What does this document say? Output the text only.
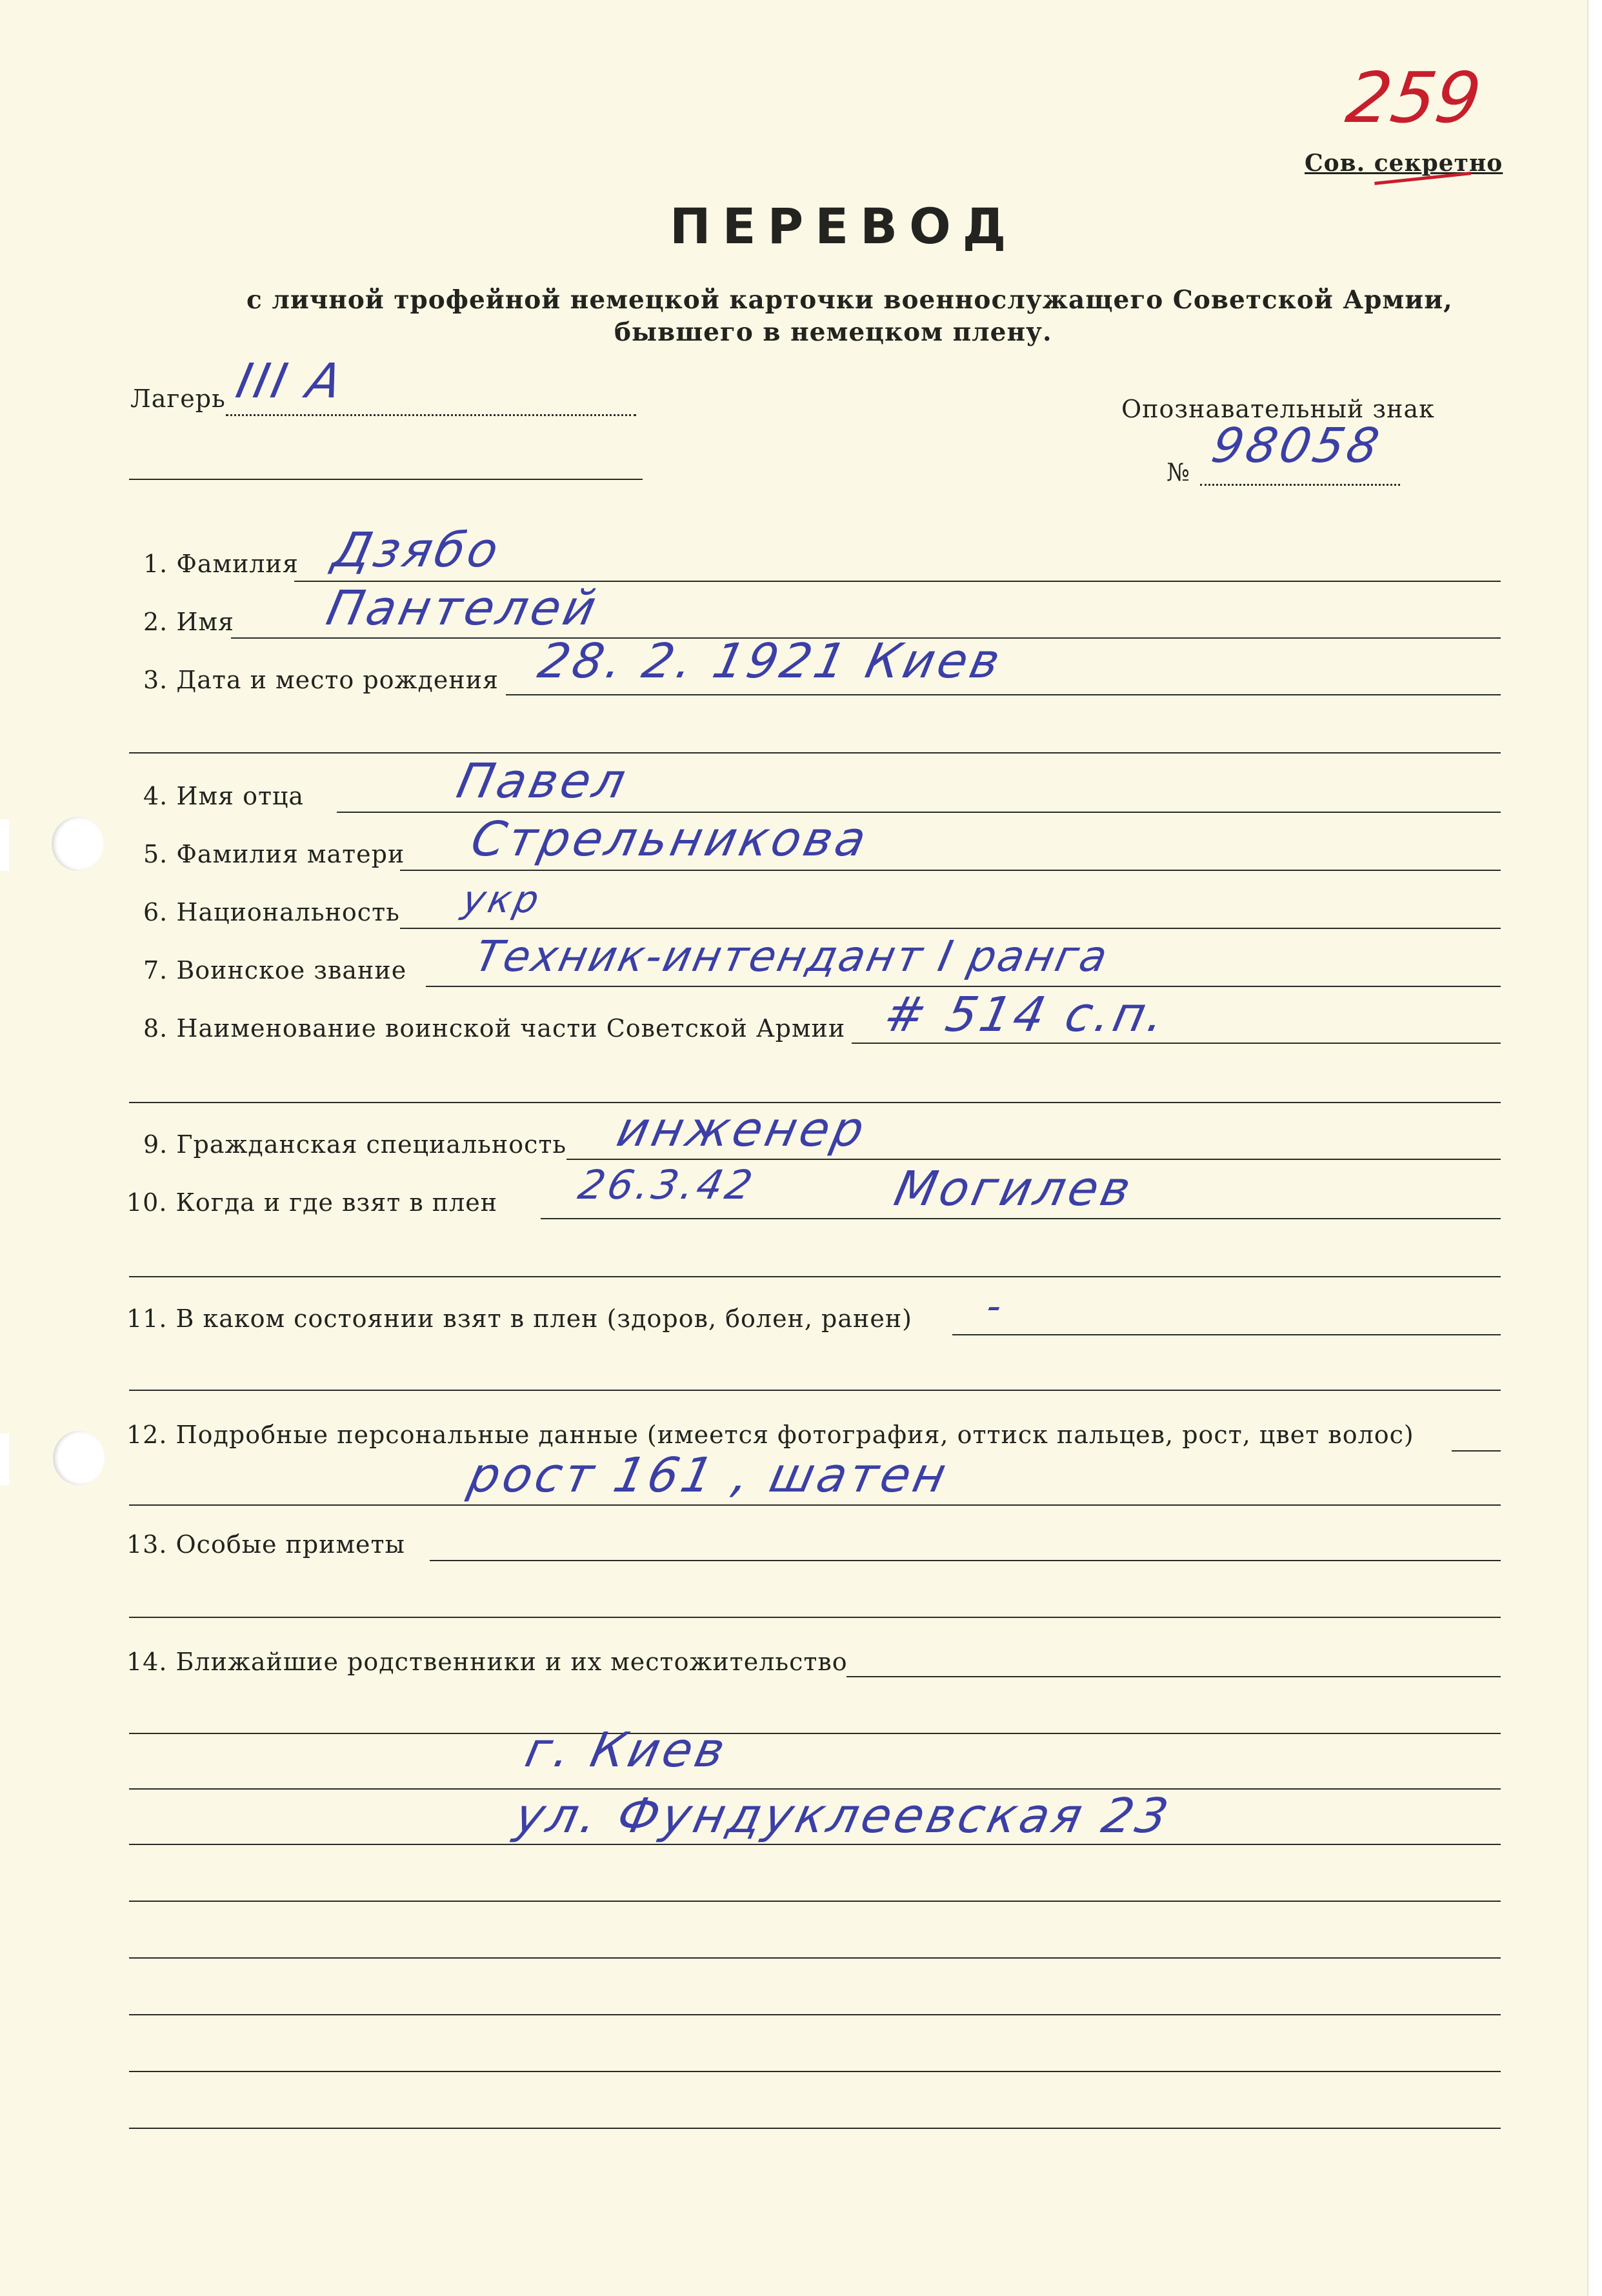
259
Сов. секретно
ПЕРЕВОД
с личной трофейной немецкой карточки военнослужащего Советской Армии,
бывшего в немецком плену.
Лагерь III A	Опознавательный знак
№ 98058
1. Фамилия Дзябо
2. Имя Пантелей
3. Дата и место рождения 28. 2. 1921 Киев
4. Имя отца	Павел
5. Фамилия матери Стрельникова
6. Национальность укр
7. Воинское звание Техник-интендант I ранга
8. Наименование воинской части Советской Армии # 514 с.п.
9. Гражданская специальность инженер
10. Когда и где взят в плен 26.3.42	Могилев
11. В каком состоянии взят в плен (здоров, болен, ранен) -
12. Подробные персональные данные (имеется фотография, оттиск пальцев, рост, цвет волос)
рост 161 , шатен
13. Особые приметы
14. Ближайшие родственники и их местожительство
г. Киев
ул. Фундуклеевская 23
